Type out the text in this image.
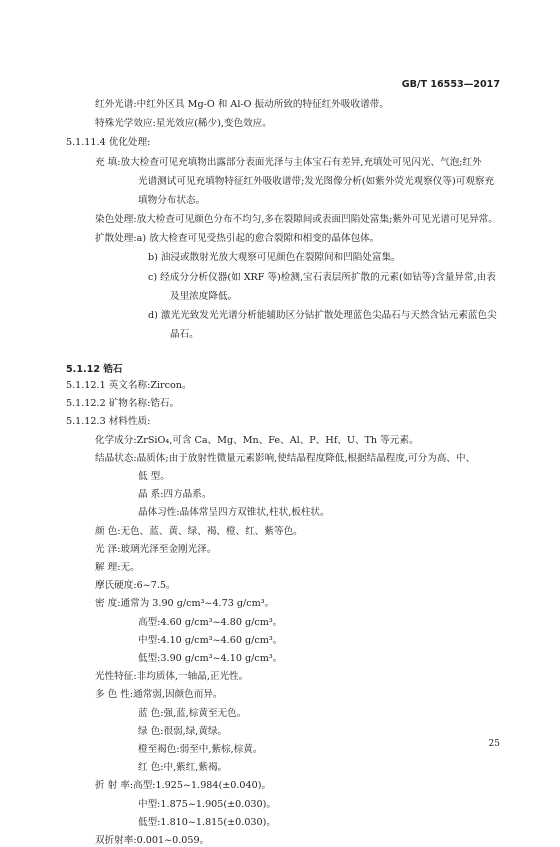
GB/T 16553—2017
红外光谱:中红外区具 Mg-O 和 Al-O 振动所致的特征红外吸收谱带。
特殊光学效应:星光效应(稀少),变色效应。
5.1.11.4 优化处理:
充 填:放大检查可见充填物出露部分表面光泽与主体宝石有差异,充填处可见闪光、气泡;红外
光谱测试可见充填物特征红外吸收谱带;发光图像分析(如紫外荧光观察仪等)可观察充
填物分布状态。
染色处理:放大检查可见颜色分布不均匀,多在裂隙间或表面凹陷处富集;紫外可见光谱可见异常。
扩散处理:a) 放大检查可见受热引起的愈合裂隙和相变的晶体包体。
b) 油浸或散射光放大观察可见颜色在裂隙间和凹陷处富集。
c) 经成分分析仪器(如 XRF 等)检测,宝石表层所扩散的元素(如钴等)含量异常,由表
及里浓度降低。
d) 激光光致发光光谱分析能辅助区分钴扩散处理蓝色尖晶石与天然含钴元素蓝色尖
晶石。
5.1.12 锆石
5.1.12.1 英文名称:Zircon。
5.1.12.2 矿物名称:锆石。
5.1.12.3 材料性质:
化学成分:ZrSiO₄,可含 Ca、Mg、Mn、Fe、Al、P、Hf、U、Th 等元素。
结晶状态:晶质体;由于放射性微量元素影响,使结晶程度降低,根据结晶程度,可分为高、中、
低 型。
晶 系:四方晶系。
晶体习性:晶体常呈四方双锥状,柱状,板柱状。
颜 色:无色、蓝、黄、绿、褐、橙、红、紫等色。
光 泽:玻璃光泽至金刚光泽。
解 理:无。
摩氏硬度:6~7.5。
密 度:通常为 3.90 g/cm³~4.73 g/cm³。
高型:4.60 g/cm³~4.80 g/cm³。
中型:4.10 g/cm³~4.60 g/cm³。
低型:3.90 g/cm³~4.10 g/cm³。
光性特征:非均质体,一轴晶,正光性。
多 色 性:通常弱,因颜色而异。
蓝 色:强,蓝,棕黄至无色。
绿 色:很弱,绿,黄绿。
橙至褐色:弱至中,紫棕,棕黄。
红 色:中,紫红,紫褐。
折 射 率:高型:1.925~1.984(±0.040)。
中型:1.875~1.905(±0.030)。
低型:1.810~1.815(±0.030)。
双折射率:0.001~0.059。
25
